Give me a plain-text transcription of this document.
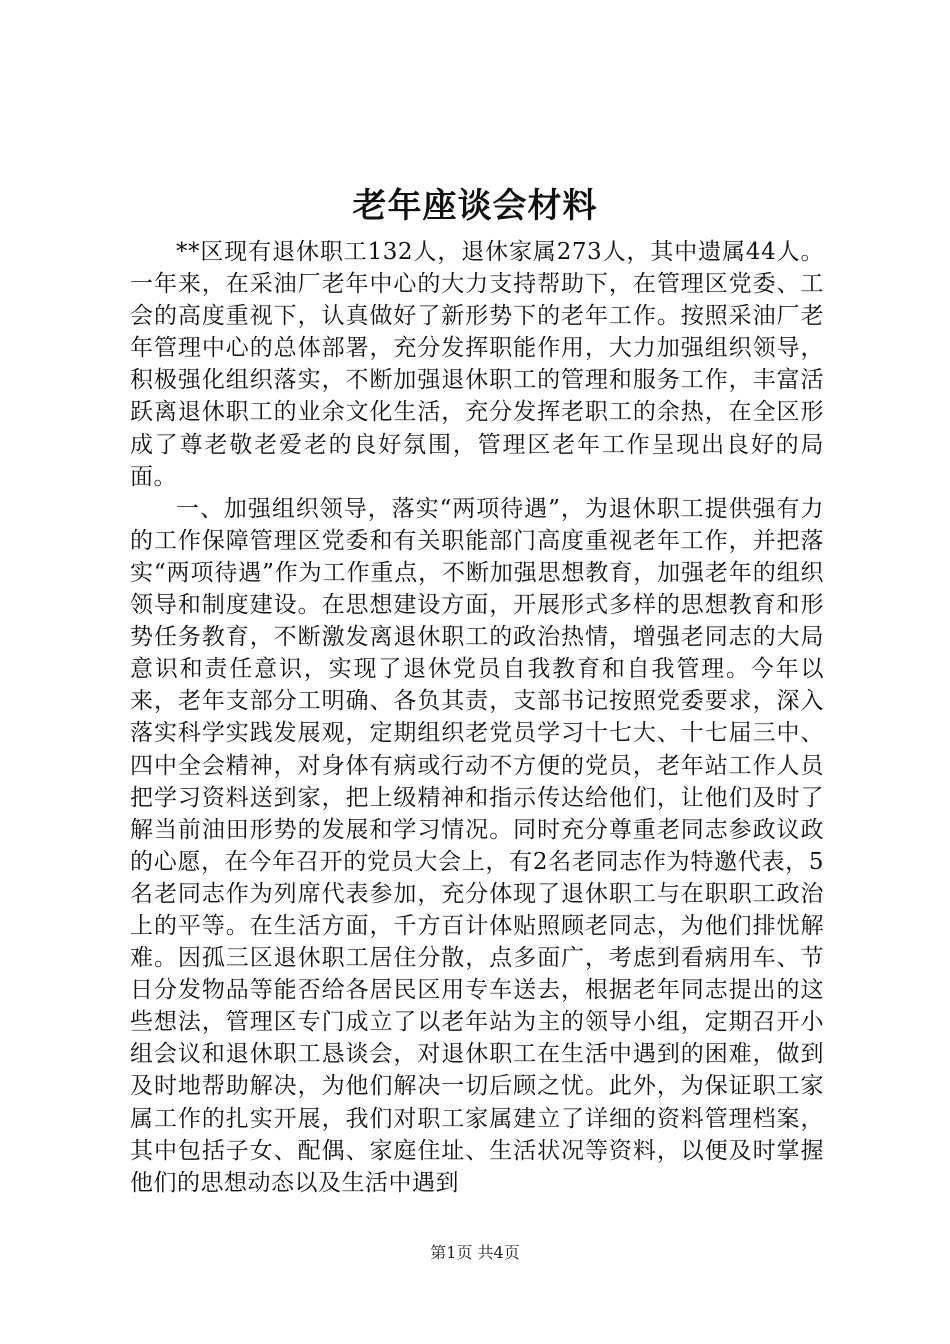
老年座谈会材料

**区现有退休职工132人，退休家属273人，其中遗属44人。一年来，在采油厂老年中心的大力支持帮助下，在管理区党委、工会的高度重视下，认真做好了新形势下的老年工作。按照采油厂老年管理中心的总体部署，充分发挥职能作用，大力加强组织领导，积极强化组织落实，不断加强退休职工的管理和服务工作，丰富活跃离退休职工的业余文化生活，充分发挥老职工的余热，在全区形成了尊老敬老爱老的良好氛围，管理区老年工作呈现出良好的局面。

一、加强组织领导，落实“两项待遇”，为退休职工提供强有力的工作保障管理区党委和有关职能部门高度重视老年工作，并把落实“两项待遇”作为工作重点，不断加强思想教育，加强老年的组织领导和制度建设。在思想建设方面，开展形式多样的思想教育和形势任务教育，不断激发离退休职工的政治热情，增强老同志的大局意识和责任意识，实现了退休党员自我教育和自我管理。今年以来，老年支部分工明确、各负其责，支部书记按照党委要求，深入落实科学实践发展观，定期组织老党员学习十七大、十七届三中、四中全会精神，对身体有病或行动不方便的党员，老年站工作人员把学习资料送到家，把上级精神和指示传达给他们，让他们及时了解当前油田形势的发展和学习情况。同时充分尊重老同志参政议政的心愿，在今年召开的党员大会上，有2名老同志作为特邀代表，5名老同志作为列席代表参加，充分体现了退休职工与在职职工政治上的平等。在生活方面，千方百计体贴照顾老同志，为他们排忧解难。因孤三区退休职工居住分散，点多面广，考虑到看病用车、节日分发物品等能否给各居民区用专车送去，根据老年同志提出的这些想法，管理区专门成立了以老年站为主的领导小组，定期召开小组会议和退休职工恳谈会，对退休职工在生活中遇到的困难，做到及时地帮助解决，为他们解决一切后顾之忧。此外，为保证职工家属工作的扎实开展，我们对职工家属建立了详细的资料管理档案，其中包括子女、配偶、家庭住址、生活状况等资料，以便及时掌握他们的思想动态以及生活中遇到

第1页 共4页
